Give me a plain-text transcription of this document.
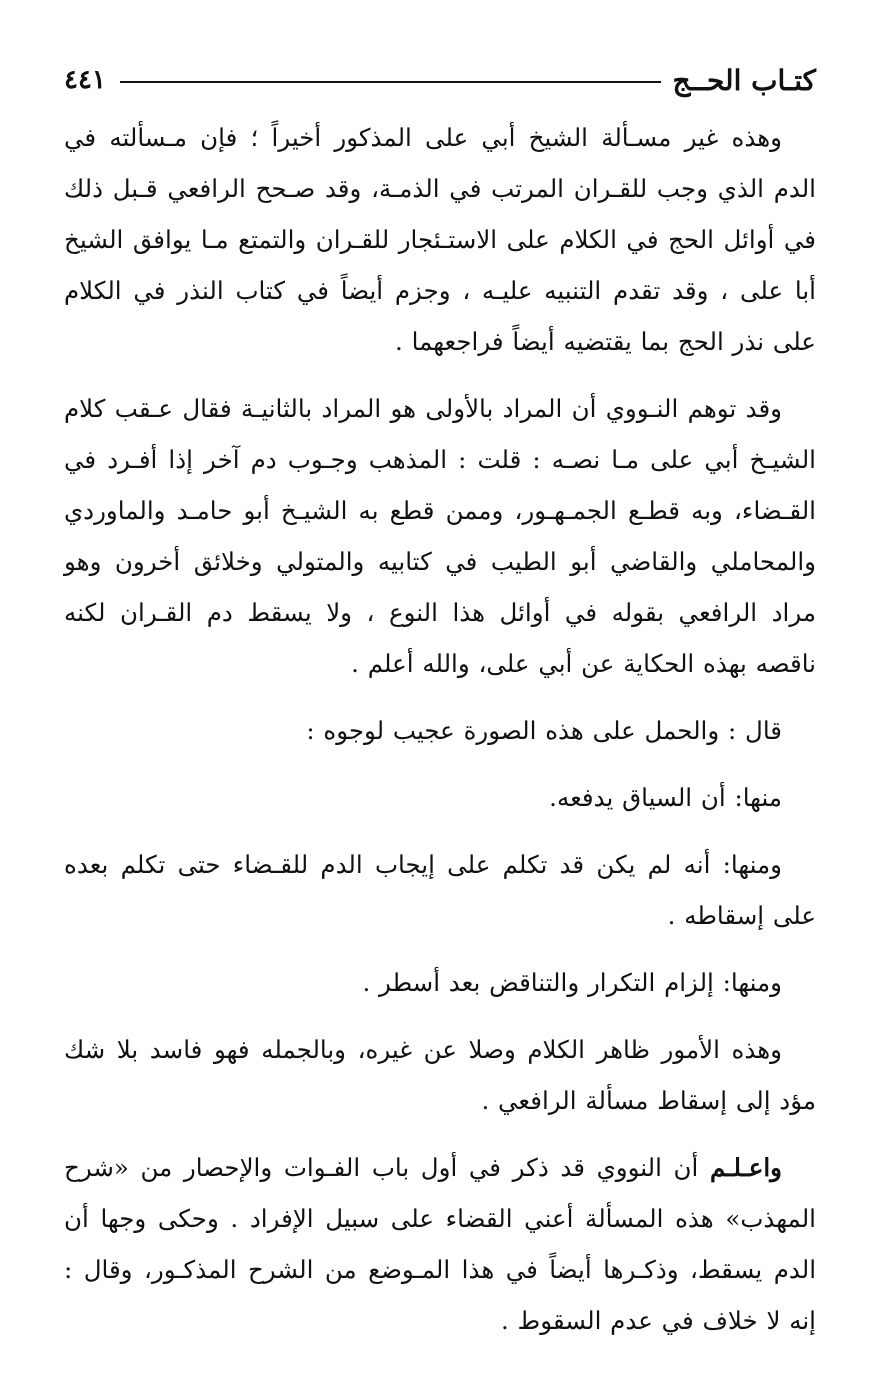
كتـاب الحــج
٤٤١

وهذه غير مسـألة الشيخ أبي على المذكور أخيراً ؛ فإن مـسألته في الدم الذي وجب للقـران المرتب في الذمـة، وقد صـحح الرافعي قـبل ذلك في أوائل الحج في الكلام على الاستـئجار للقـران والتمتع مـا يوافق الشيخ أبا على ، وقد تقدم التنبيه عليـه ، وجزم أيضاً في كتاب النذر في الكلام على نذر الحج بما يقتضيه أيضاً فراجعهما .

وقد توهم النـووي أن المراد بالأولى هو المراد بالثانيـة فقال عـقب كلام الشيـخ أبي على مـا نصـه : قلت : المذهب وجـوب دم آخر إذا أفـرد في القـضاء، وبه قطـع الجمـهـور، وممن قطع به الشيـخ أبو حامـد والماوردي والمحاملي والقاضي أبو الطيب في كتابيه والمتولي وخلائق أخرون وهو مراد الرافعي بقوله في أوائل هذا النوع ، ولا يسقط دم القـران لكنه ناقصه بهذه الحكاية عن أبي على، والله أعلم .

قال : والحمل على هذه الصورة عجيب لوجوه :

منها: أن السياق يدفعه.

ومنها: أنه لم يكن قد تكلم على إيجاب الدم للقـضاء حتى تكلم بعده على إسقاطه .

ومنها: إلزام التكرار والتناقض بعد أسطر .

وهذه الأمور ظاهر الكلام وصلا عن غيره، وبالجمله فهو فاسد بلا شك مؤد إلى إسقاط مسألة الرافعي .

واعـلـم أن النووي قد ذكر في أول باب الفـوات والإحصار من «شرح المهذب» هذه المسألة أعني القضاء على سبيل الإفراد . وحكى وجها أن الدم يسقط، وذكـرها أيضاً في هذا المـوضع من الشرح المذكـور، وقال : إنه لا خلاف في عدم السقوط .
